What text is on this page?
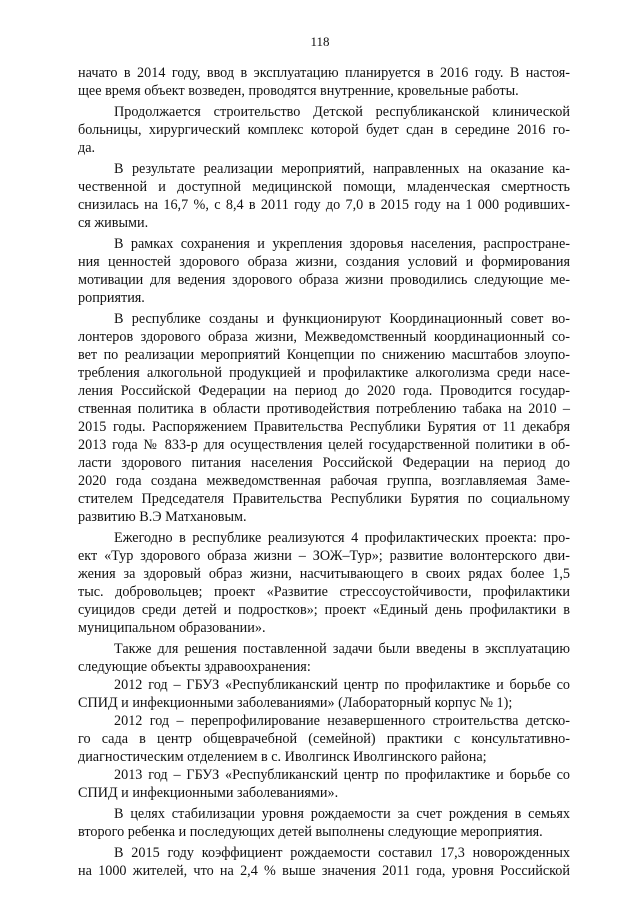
118
начато в 2014 году, ввод в эксплуатацию планируется в 2016 году. В настоя-
щее время объект возведен, проводятся внутренние, кровельные работы.
Продолжается строительство Детской республиканской клинической
больницы, хирургический комплекс которой будет сдан в середине 2016 го-
да.
В результате реализации мероприятий, направленных на оказание ка-
чественной и доступной медицинской помощи, младенческая смертность
снизилась на 16,7 %, с 8,4 в 2011 году до 7,0 в 2015 году на 1 000 родивших-
ся живыми.
В рамках сохранения и укрепления здоровья населения, распростране-
ния ценностей здорового образа жизни, создания условий и формирования
мотивации для ведения здорового образа жизни проводились следующие ме-
роприятия.
В республике созданы и функционируют Координационный совет во-
лонтеров здорового образа жизни, Межведомственный координационный со-
вет по реализации мероприятий Концепции по снижению масштабов злоупо-
требления алкогольной продукцией и профилактике алкоголизма среди насе-
ления Российской Федерации на период до 2020 года. Проводится государ-
ственная политика в области противодействия потреблению табака на 2010 –
2015 годы. Распоряжением Правительства Республики Бурятия от 11 декабря
2013 года № 833-р для осуществления целей государственной политики в об-
ласти здорового питания населения Российской Федерации на период до
2020 года создана межведомственная рабочая группа, возглавляемая Заме-
стителем Председателя Правительства Республики Бурятия по социальному
развитию В.Э Матхановым.
Ежегодно в республике реализуются 4 профилактических проекта: про-
ект «Тур здорового образа жизни – ЗОЖ–Тур»; развитие волонтерского дви-
жения за здоровый образ жизни, насчитывающего в своих рядах более 1,5
тыс. добровольцев; проект «Развитие стрессоустойчивости, профилактики
суицидов среди детей и подростков»; проект «Единый день профилактики в
муниципальном образовании».
Также для решения поставленной задачи были введены в эксплуатацию
следующие объекты здравоохранения:
2012 год – ГБУЗ «Республиканский центр по профилактике и борьбе со
СПИД и инфекционными заболеваниями» (Лабораторный корпус № 1);
2012 год – перепрофилирование незавершенного строительства детско-
го сада в центр общеврачебной (семейной) практики с консультативно-
диагностическим отделением в с. Иволгинск Иволгинского района;
2013 год – ГБУЗ «Республиканский центр по профилактике и борьбе со
СПИД и инфекционными заболеваниями».
В целях стабилизации уровня рождаемости за счет рождения в семьях
второго ребенка и последующих детей выполнены следующие мероприятия.
В 2015 году коэффициент рождаемости составил 17,3 новорожденных
на 1000 жителей, что на 2,4 % выше значения 2011 года, уровня Российской
